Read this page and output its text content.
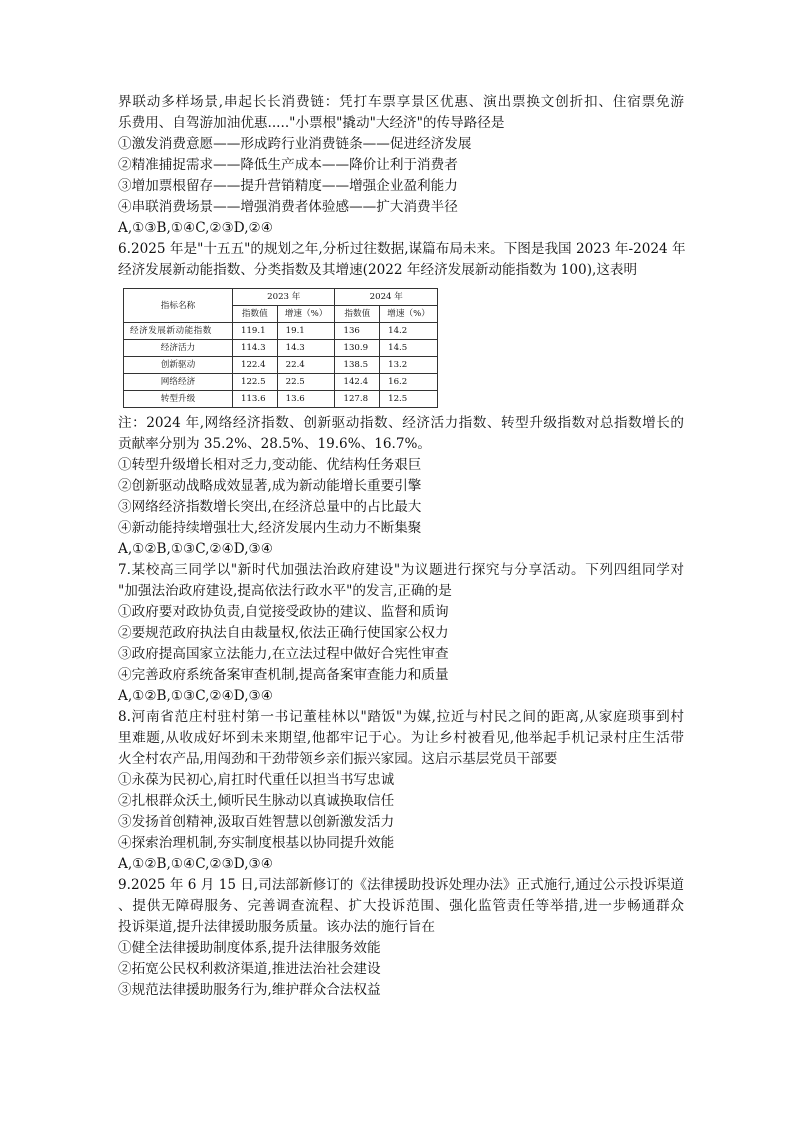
界联动多样场景,串起长长消费链：凭打车票享景区优惠、演出票换文创折扣、住宿票免游
乐费用、自驾游加油优惠....."小票根"撬动"大经济"的传导路径是
①激发消费意愿——形成跨行业消费链条——促进经济发展
②精准捕捉需求——降低生产成本——降价让利于消费者
③增加票根留存——提升营销精度——增强企业盈利能力
④串联消费场景——增强消费者体验感——扩大消费半径
A,①③B,①④C,②③D,②④
6.2025 年是"十五五"的规划之年,分析过往数据,谋篇布局未来。下图是我国 2023 年-2024 年
经济发展新动能指数、分类指数及其增速(2022 年经济发展新动能指数为 100),这表明
指标名称	2023 年		2024 年	
	指数值	增速（%）	指数值	增速（%）
经济发展新动能指数	119.1	19.1	136	14.2
经济活力	114.3	14.3	130.9	14.5
创新驱动	122.4	22.4	138.5	13.2
网络经济	122.5	22.5	142.4	16.2
转型升级	113.6	13.6	127.8	12.5
注：2024 年,网络经济指数、创新驱动指数、经济活力指数、转型升级指数对总指数增长的
贡献率分别为 35.2%、28.5%、19.6%、16.7%。
①转型升级增长相对乏力,变动能、优结构任务艰巨
②创新驱动战略成效显著,成为新动能增长重要引擎
③网络经济指数增长突出,在经济总量中的占比最大
④新动能持续增强壮大,经济发展内生动力不断集聚
A,①②B,①③C,②④D,③④
7.某校高三同学以"新时代加强法治政府建设"为议题进行探究与分享活动。下列四组同学对
"加强法治政府建设,提高依法行政水平"的发言,正确的是
①政府要对政协负责,自觉接受政协的建议、监督和质询
②要规范政府执法自由裁量权,依法正确行使国家公权力
③政府提高国家立法能力,在立法过程中做好合宪性审查
④完善政府系统备案审查机制,提高备案审查能力和质量
A,①②B,①③C,②④D,③④
8.河南省范庄村驻村第一书记董桂林以"踏饭"为媒,拉近与村民之间的距离,从家庭琐事到村
里难题,从收成好坏到未来期望,他都牢记于心。为让乡村被看见,他举起手机记录村庄生活带
火全村农产品,用闯劲和干劲带领乡亲们振兴家园。这启示基层党员干部要
①永葆为民初心,肩扛时代重任以担当书写忠诚
②扎根群众沃土,倾听民生脉动以真诚换取信任
③发扬首创精神,汲取百姓智慧以创新激发活力
④探索治理机制,夯实制度根基以协同提升效能
A,①②B,①④C,②③D,③④
9.2025 年 6 月 15 日,司法部新修订的《法律援助投诉处理办法》正式施行,通过公示投诉渠道
、提供无障碍服务、完善调查流程、扩大投诉范围、强化监管责任等举措,进一步畅通群众
投诉渠道,提升法律援助服务质量。该办法的施行旨在
①健全法律援助制度体系,提升法律服务效能
②拓宽公民权利救济渠道,推进法治社会建设
③规范法律援助服务行为,维护群众合法权益
